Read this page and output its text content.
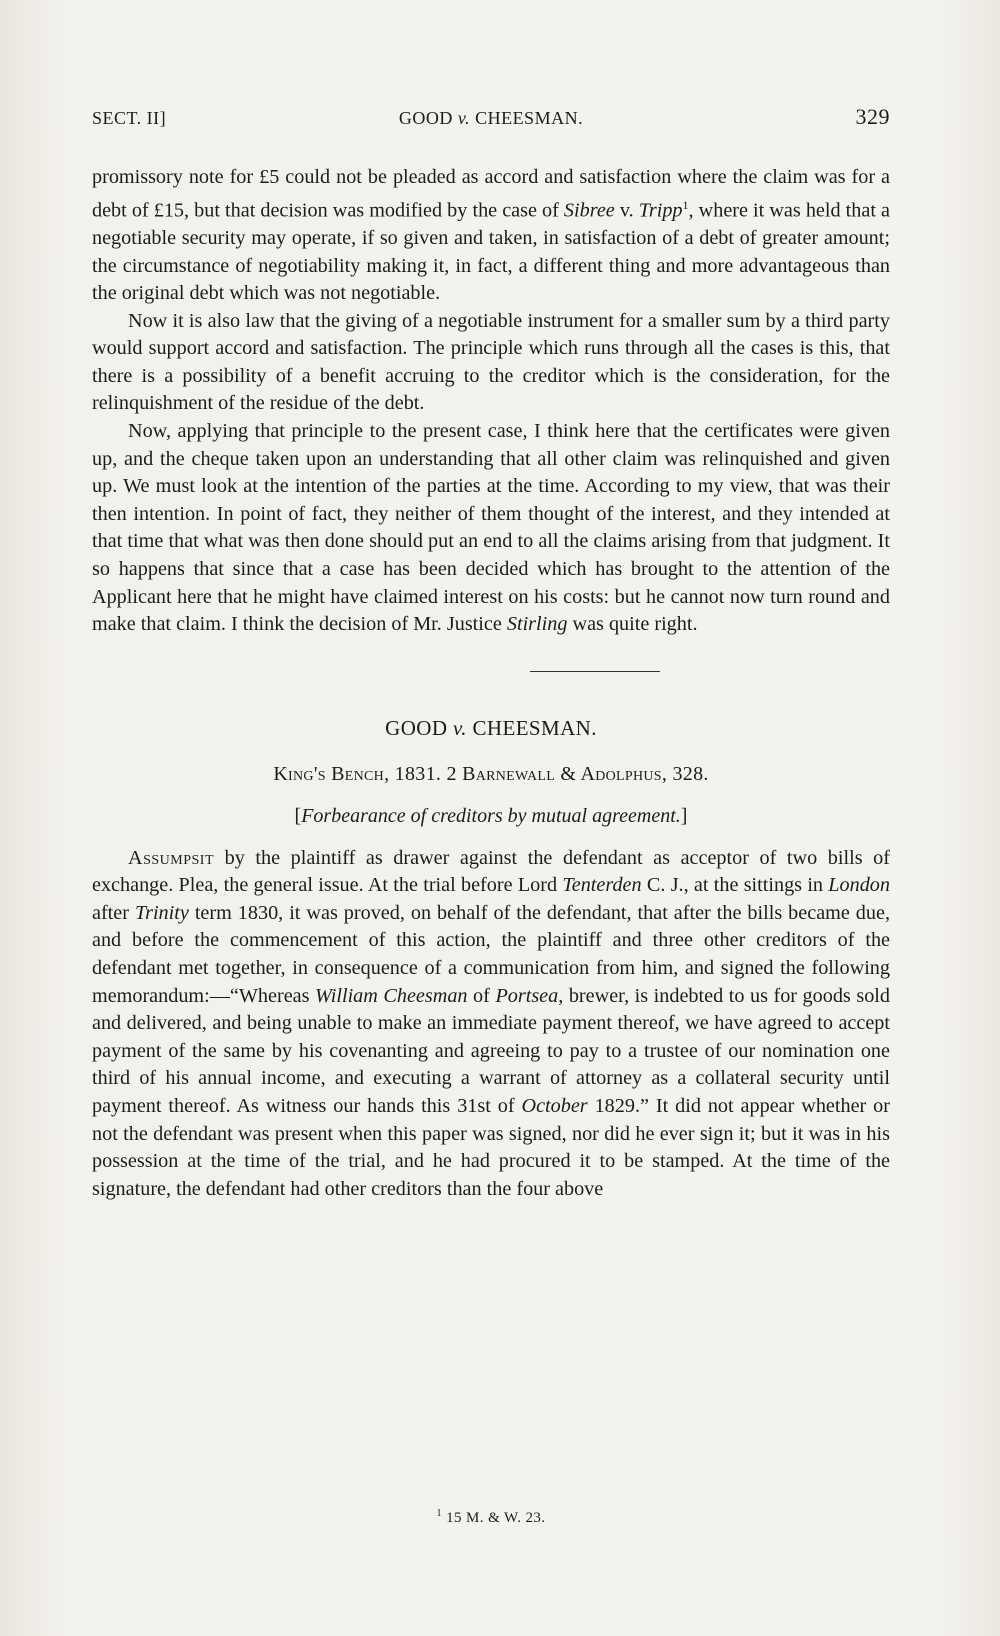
SECT. II]	GOOD v. CHEESMAN.	329

promissory note for £5 could not be pleaded as accord and satisfaction where the claim was for a debt of £15, but that decision was modified by the case of Sibree v. Tripp$^1$, where it was held that a negotiable security may operate, if so given and taken, in satisfaction of a debt of greater amount; the circumstance of negotiability making it, in fact, a different thing and more advantageous than the original debt which was not negotiable.

Now it is also law that the giving of a negotiable instrument for a smaller sum by a third party would support accord and satisfaction. The principle which runs through all the cases is this, that there is a possibility of a benefit accruing to the creditor which is the consideration, for the relinquishment of the residue of the debt.

Now, applying that principle to the present case, I think here that the certificates were given up, and the cheque taken upon an understanding that all other claim was relinquished and given up. We must look at the intention of the parties at the time. According to my view, that was their then intention. In point of fact, they neither of them thought of the interest, and they intended at that time that what was then done should put an end to all the claims arising from that judgment. It so happens that since that a case has been decided which has brought to the attention of the Applicant here that he might have claimed interest on his costs: but he cannot now turn round and make that claim. I think the decision of Mr. Justice Stirling was quite right.

GOOD v. CHEESMAN.
King's Bench, 1831. 2 Barnewall & Adolphus, 328.
[Forbearance of creditors by mutual agreement.]

Assumpsit by the plaintiff as drawer against the defendant as acceptor of two bills of exchange. Plea, the general issue. At the trial before Lord Tenterden C. J., at the sittings in London after Trinity term 1830, it was proved, on behalf of the defendant, that after the bills became due, and before the commencement of this action, the plaintiff and three other creditors of the defendant met together, in consequence of a communication from him, and signed the following memorandum:—“Whereas William Cheesman of Portsea, brewer, is indebted to us for goods sold and delivered, and being unable to make an immediate payment thereof, we have agreed to accept payment of the same by his covenanting and agreeing to pay to a trustee of our nomination one third of his annual income, and executing a warrant of attorney as a collateral security until payment thereof. As witness our hands this 31st of October 1829.” It did not appear whether or not the defendant was present when this paper was signed, nor did he ever sign it; but it was in his possession at the time of the trial, and he had procured it to be stamped. At the time of the signature, the defendant had other creditors than the four above

$^1$ 15 M. & W. 23.
